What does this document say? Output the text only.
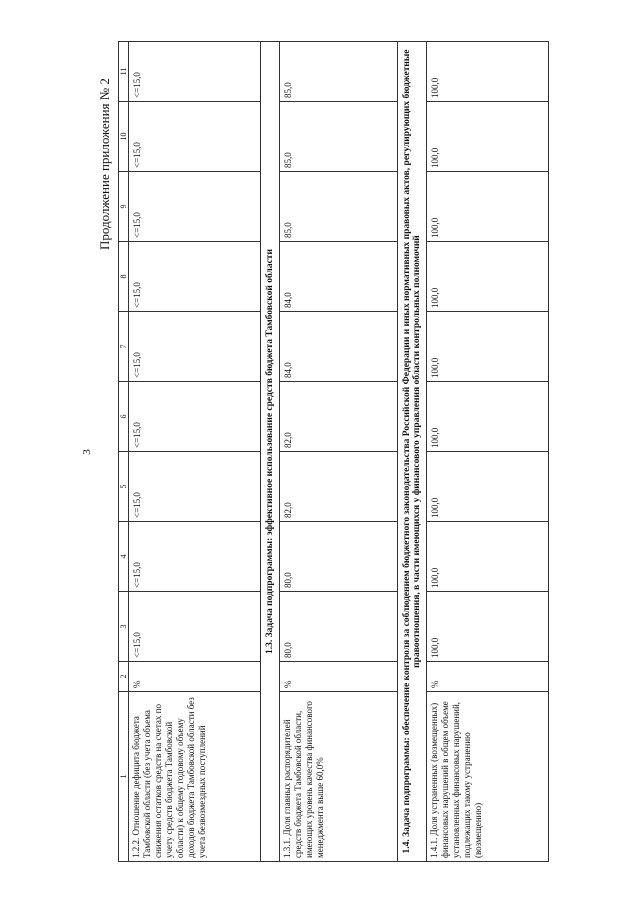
3
Продолжение приложения № 2
1	2	3	4	5	6	7	8	9	10	11
1.2.2. Отношение дефицита бюджета Тамбовской области (без учета объема снижения остатков средств на счетах по учету средств бюджета Тамбовской области) к общему годовому объему доходов бюджета Тамбовской области без учета безвозмездных поступлений	%	<=15,0	<=15,0	<=15,0	<=15,0	<=15,0	<=15,0	<=15,0	<=15,0	<=15,0
1.3. Задача подпрограммы: эффективное использование средств бюджета Тамбовской области										
1.3.1. Доля главных распорядителей средств бюджета Тамбовской области, имеющих уровень качества финансового менеджмента выше 60,0%	%	80,0	80,0	82,0	82,0	84,0	84,0	85,0	85,0	85,0
1.4. Задача подпрограммы: обеспечение контроля за соблюдением бюджетного законодательства Российской Федерации и иных нормативных правовых актов, регулирующих бюджетные правоотношения, в части имеющихся у финансового управления области контрольных полномочий										
1.4.1. Доля устраненных (возмещенных) финансовых нарушений в общем объеме установленных финансовых нарушений, подлежащих такому устранению (возмещению)	%	100,0	100,0	100,0	100,0	100,0	100,0	100,0	100,0	100,0
